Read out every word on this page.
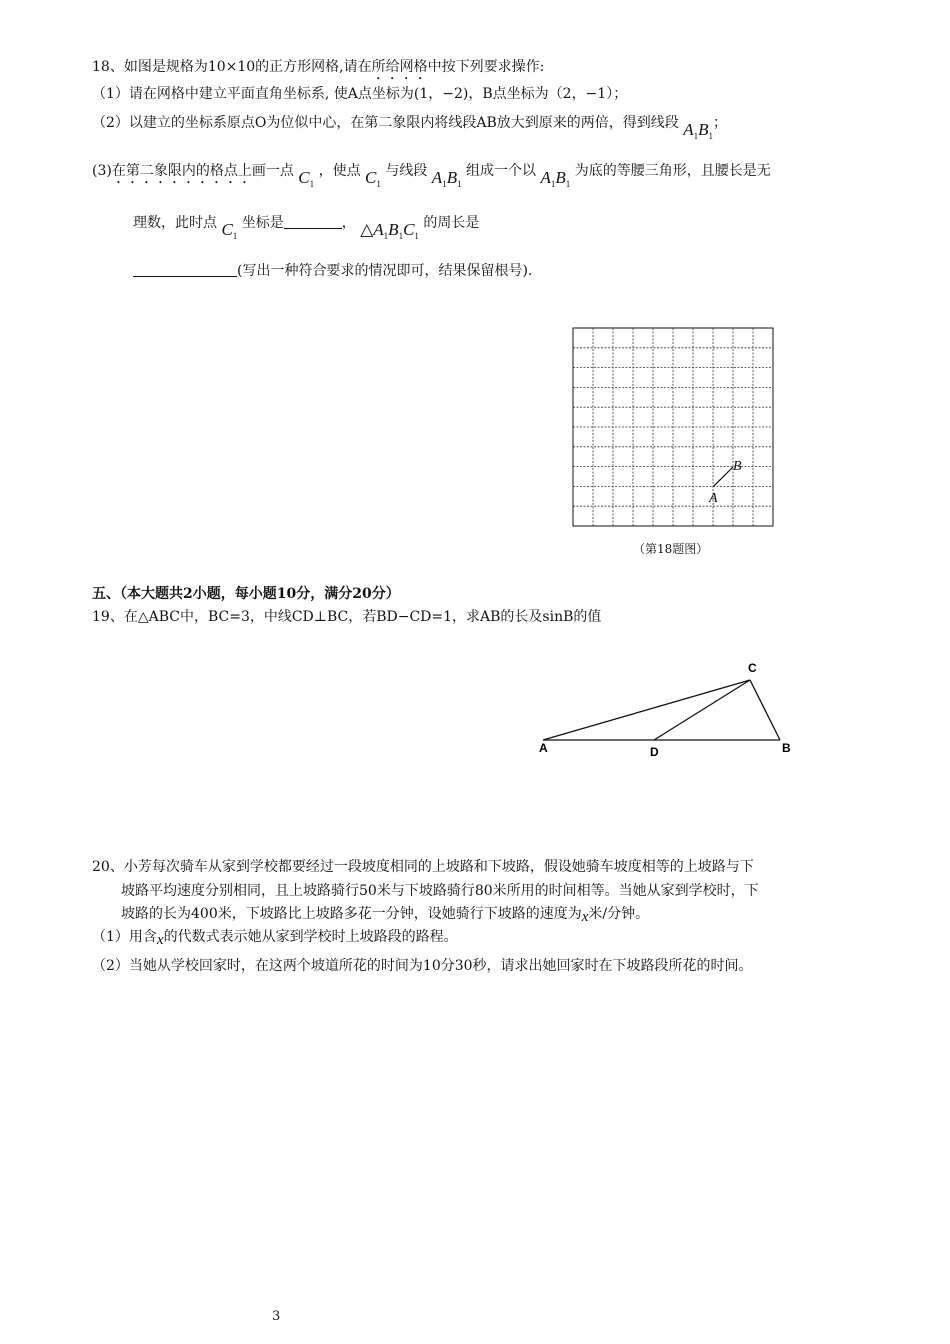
18、如图是规格为10×10的正方形网格,请在所给网格中按下列要求操作:
（1）请在网格中建立平面直角坐标系, 使A点坐标为(1，−2)，B点坐标为（2，−1）；
（2）以建立的坐标系原点O为位似中心，在第二象限内将线段AB放大到原来的两倍，得到线段 $A_1B_1$；
(3)在第二象限内的格点上画一点 $C_1$ ，使点 $C_1$ 与线段 $A_1B_1$ 组成一个以 $A_1B_1$ 为底的等腰三角形，且腰长是无
理数，此时点 $C_1$ 坐标是	， $\triangle A_1B_1C_1$ 的周长是
(写出一种符合要求的情况即可，结果保留根号).
B
A
（第18题图）
五、（本大题共2小题，每小题10分，满分20分）
19、在△ABC中，BC=3，中线CD⊥BC，若BD−CD=1，求AB的长及sinB的值
A	D	B
C
20、小芳每次骑车从家到学校都要经过一段坡度相同的上坡路和下坡路，假设她骑车坡度相等的上坡路与下
坡路平均速度分别相同，且上坡路骑行50米与下坡路骑行80米所用的时间相等。当她从家到学校时，下
坡路的长为400米，下坡路比上坡路多花一分钟，设她骑行下坡路的速度为x米/分钟。
（1）用含x的代数式表示她从家到学校时上坡路段的路程。
（2）当她从学校回家时，在这两个坡道所花的时间为10分30秒，请求出她回家时在下坡路段所花的时间。
3
